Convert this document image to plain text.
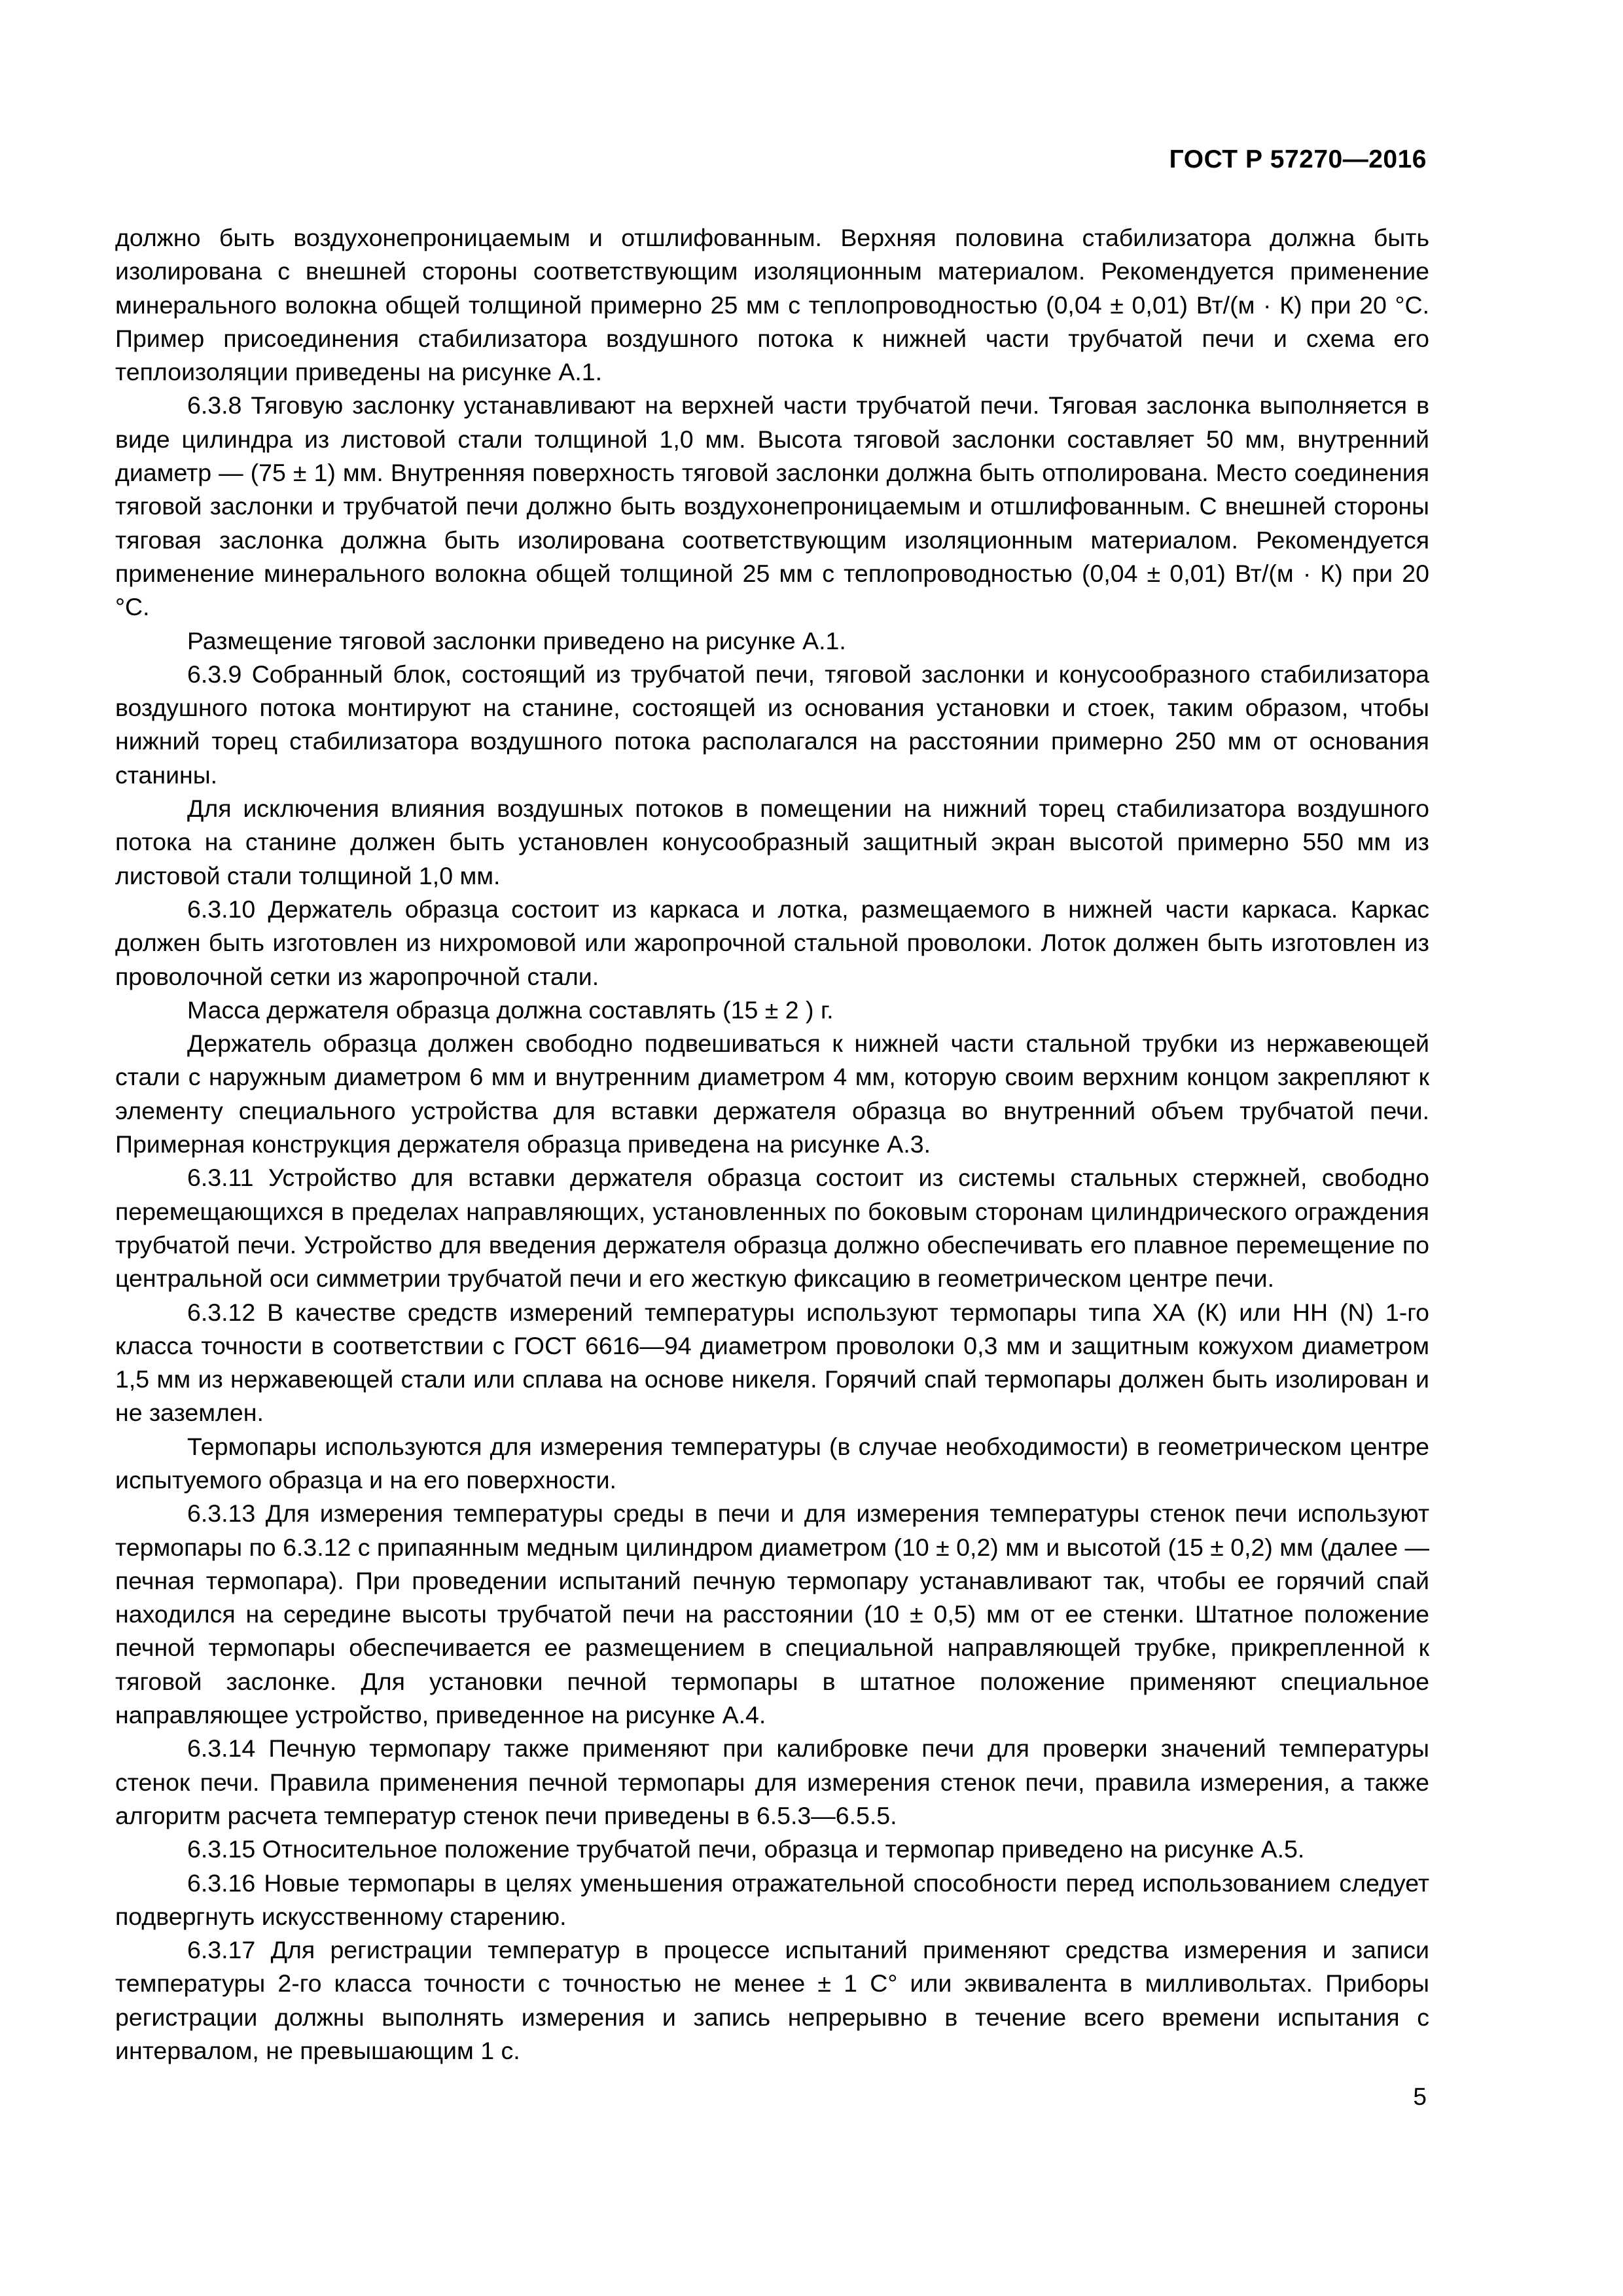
ГОСТ Р 57270—2016

должно быть воздухонепроницаемым и отшлифованным. Верхняя половина стабилизатора должна быть изолирована с внешней стороны соответствующим изоляционным материалом. Рекомендуется применение минерального волокна общей толщиной примерно 25 мм с теплопроводностью (0,04 ± 0,01) Вт/(м · К) при 20 °С. Пример присоединения стабилизатора воздушного потока к нижней части трубчатой печи и схема его теплоизоляции приведены на рисунке А.1.

6.3.8 Тяговую заслонку устанавливают на верхней части трубчатой печи. Тяговая заслонка выполняется в виде цилиндра из листовой стали толщиной 1,0 мм. Высота тяговой заслонки составляет 50 мм, внутренний диаметр — (75 ± 1) мм. Внутренняя поверхность тяговой заслонки должна быть отполирована. Место соединения тяговой заслонки и трубчатой печи должно быть воздухонепроницаемым и отшлифованным. С внешней стороны тяговая заслонка должна быть изолирована соответствующим изоляционным материалом. Рекомендуется применение минерального волокна общей толщиной 25 мм с теплопроводностью (0,04 ± 0,01) Вт/(м · К) при 20 °С.

Размещение тяговой заслонки приведено на рисунке А.1.

6.3.9 Собранный блок, состоящий из трубчатой печи, тяговой заслонки и конусообразного стабилизатора воздушного потока монтируют на станине, состоящей из основания установки и стоек, таким образом, чтобы нижний торец стабилизатора воздушного потока располагался на расстоянии примерно 250 мм от основания станины.

Для исключения влияния воздушных потоков в помещении на нижний торец стабилизатора воздушного потока на станине должен быть установлен конусообразный защитный экран высотой примерно 550 мм из листовой стали толщиной 1,0 мм.

6.3.10 Держатель образца состоит из каркаса и лотка, размещаемого в нижней части каркаса. Каркас должен быть изготовлен из нихромовой или жаропрочной стальной проволоки. Лоток должен быть изготовлен из проволочной сетки из жаропрочной стали.

Масса держателя образца должна составлять (15 ± 2 ) г.

Держатель образца должен свободно подвешиваться к нижней части стальной трубки из нержавеющей стали с наружным диаметром 6 мм и внутренним диаметром 4 мм, которую своим верхним концом закрепляют к элементу специального устройства для вставки держателя образца во внутренний объем трубчатой печи. Примерная конструкция держателя образца приведена на рисунке А.3.

6.3.11 Устройство для вставки держателя образца состоит из системы стальных стержней, свободно перемещающихся в пределах направляющих, установленных по боковым сторонам цилиндрического ограждения трубчатой печи. Устройство для введения держателя образца должно обеспечивать его плавное перемещение по центральной оси симметрии трубчатой печи и его жесткую фиксацию в геометрическом центре печи.

6.3.12 В качестве средств измерений температуры используют термопары типа ХА (К) или НН (N) 1-го класса точности в соответствии с ГОСТ 6616—94 диаметром проволоки 0,3 мм и защитным кожухом диаметром 1,5 мм из нержавеющей стали или сплава на основе никеля. Горячий спай термопары должен быть изолирован и не заземлен.

Термопары используются для измерения температуры (в случае необходимости) в геометрическом центре испытуемого образца и на его поверхности.

6.3.13 Для измерения температуры среды в печи и для измерения температуры стенок печи используют термопары по 6.3.12 с припаянным медным цилиндром диаметром (10 ± 0,2) мм и высотой (15 ± 0,2) мм (далее — печная термопара). При проведении испытаний печную термопару устанавливают так, чтобы ее горячий спай находился на середине высоты трубчатой печи на расстоянии (10 ± 0,5) мм от ее стенки. Штатное положение печной термопары обеспечивается ее размещением в специальной направляющей трубке, прикрепленной к тяговой заслонке. Для установки печной термопары в штатное положение применяют специальное направляющее устройство, приведенное на рисунке А.4.

6.3.14 Печную термопару также применяют при калибровке печи для проверки значений температуры стенок печи. Правила применения печной термопары для измерения стенок печи, правила измерения, а также алгоритм расчета температур стенок печи приведены в 6.5.3—6.5.5.

6.3.15 Относительное положение трубчатой печи, образца и термопар приведено на рисунке А.5.

6.3.16 Новые термопары в целях уменьшения отражательной способности перед использованием следует подвергнуть искусственному старению.

6.3.17 Для регистрации температур в процессе испытаний применяют средства измерения и записи температуры 2-го класса точности с точностью не менее ± 1 С° или эквивалента в милливольтах. Приборы регистрации должны выполнять измерения и запись непрерывно в течение всего времени испытания с интервалом, не превышающим 1 с.

5
